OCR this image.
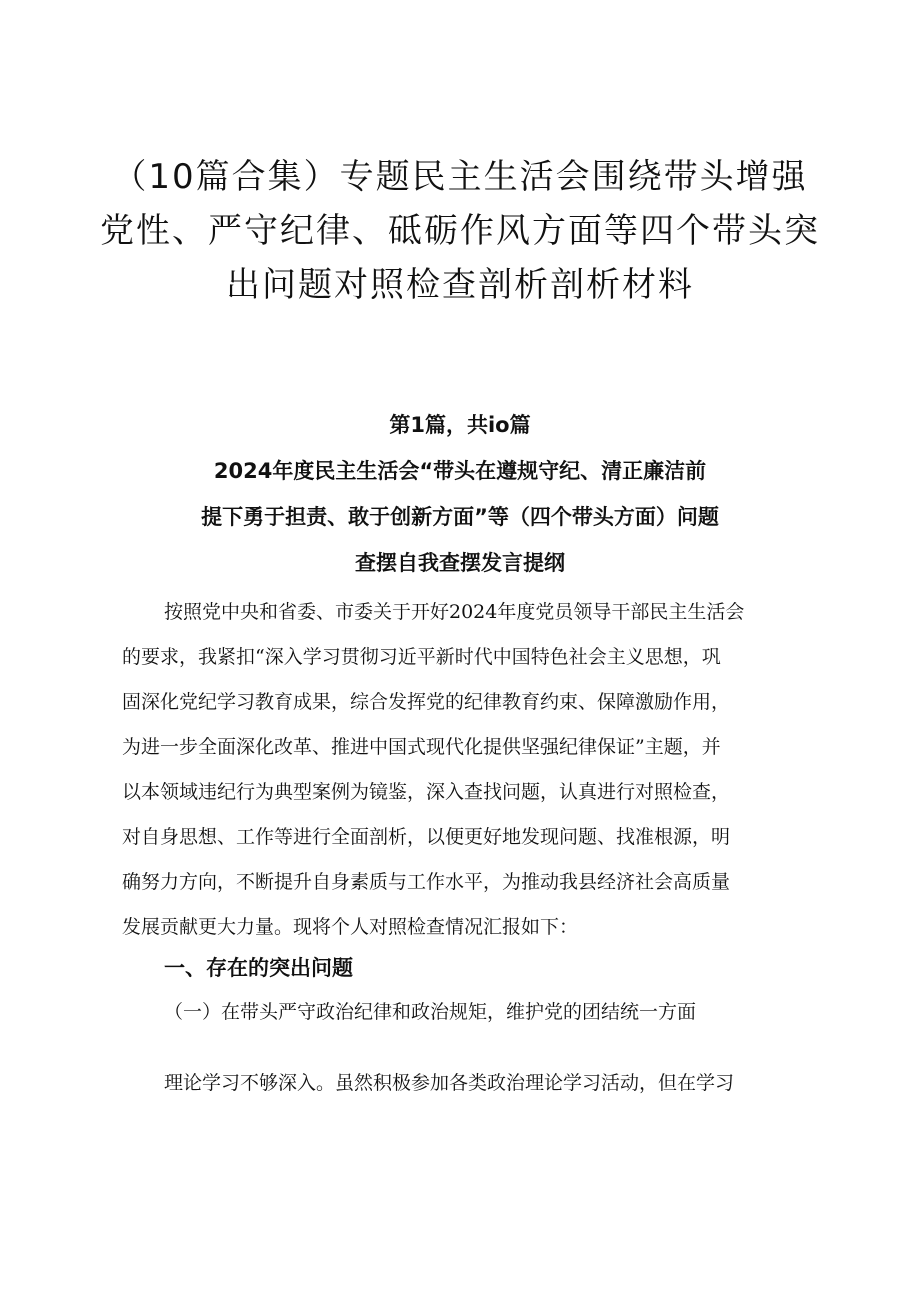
（10篇合集）专题民主生活会围绕带头增强
党性、严守纪律、砥砺作风方面等四个带头突
出问题对照检查剖析剖析材料
第1篇，共io篇
2024年度民主生活会“带头在遵规守纪、清正廉洁前
提下勇于担责、敢于创新方面”等（四个带头方面）问题
查摆自我查摆发言提纲
按照党中央和省委、市委关于开好2024年度党员领导干部民主生活会
的要求，我紧扣“深入学习贯彻习近平新时代中国特色社会主义思想，巩
固深化党纪学习教育成果，综合发挥党的纪律教育约束、保障激励作用，
为进一步全面深化改革、推进中国式现代化提供坚强纪律保证”主题，并
以本领域违纪行为典型案例为镜鉴，深入查找问题，认真进行对照检查，
对自身思想、工作等进行全面剖析，以便更好地发现问题、找准根源，明
确努力方向，不断提升自身素质与工作水平，为推动我县经济社会高质量
发展贡献更大力量。现将个人对照检查情况汇报如下：
一、存在的突出问题
（一）在带头严守政治纪律和政治规矩，维护党的团结统一方面
理论学习不够深入。虽然积极参加各类政治理论学习活动，但在学习
